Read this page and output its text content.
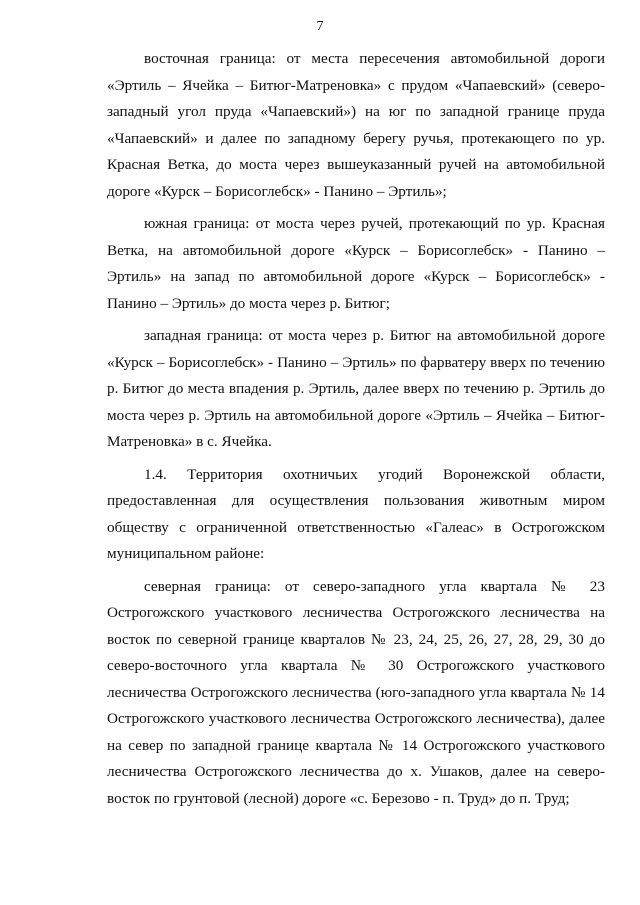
7

восточная граница: от места пересечения автомобильной дороги «Эртиль – Ячейка – Битюг-Матреновка» с прудом «Чапаевский» (северо-западный угол пруда «Чапаевский») на юг по западной границе пруда «Чапаевский» и далее по западному берегу ручья, протекающего по ур. Красная Ветка, до моста через вышеуказанный ручей на автомобильной дороге «Курск – Борисоглебск» - Панино – Эртиль»;

южная граница: от моста через ручей, протекающий по ур. Красная Ветка, на автомобильной дороге «Курск – Борисоглебск» - Панино – Эртиль» на запад по автомобильной дороге «Курск – Борисоглебск» - Панино – Эртиль» до моста через р. Битюг;

западная граница: от моста через р. Битюг на автомобильной дороге «Курск – Борисоглебск» - Панино – Эртиль» по фарватеру вверх по течению р. Битюг до места впадения р. Эртиль, далее вверх по течению р. Эртиль до моста через р. Эртиль на автомобильной дороге «Эртиль – Ячейка – Битюг-Матреновка» в с. Ячейка.

1.4. Территория охотничьих угодий Воронежской области, предоставленная для осуществления пользования животным миром обществу с ограниченной ответственностью «Галеас» в Острогожском муниципальном районе:

северная граница: от северо-западного угла квартала № 23 Острогожского участкового лесничества Острогожского лесничества на восток по северной границе кварталов № 23, 24, 25, 26, 27, 28, 29, 30 до северо-восточного угла квартала № 30 Острогожского участкового лесничества Острогожского лесничества (юго-западного угла квартала № 14 Острогожского участкового лесничества Острогожского лесничества), далее на север по западной границе квартала № 14 Острогожского участкового лесничества Острогожского лесничества до х. Ушаков, далее на северо-восток по грунтовой (лесной) дороге «с. Березово - п. Труд» до п. Труд;
